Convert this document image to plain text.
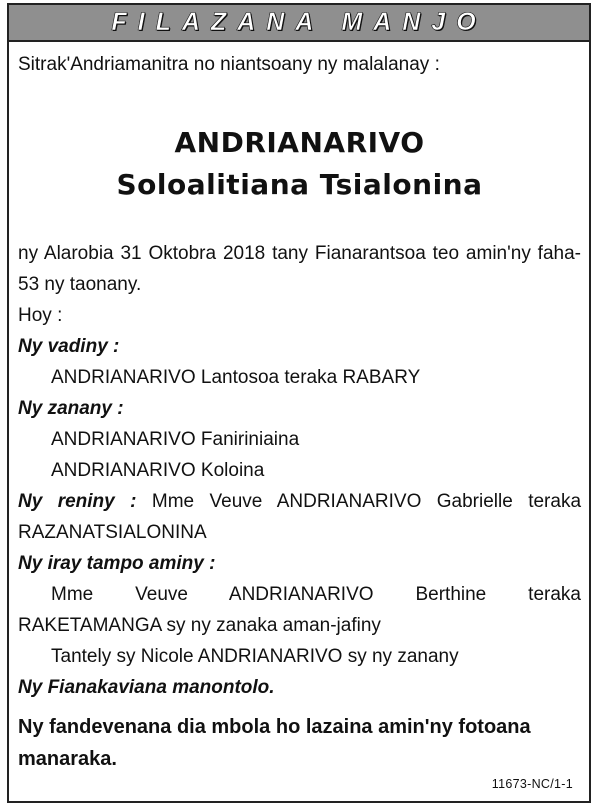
FILAZANA MANJO

Sitrak'Andriamanitra no niantsoany ny malalanay :

ANDRIANARIVO
Soloalitiana Tsialonina

ny Alarobia 31 Oktobra 2018 tany Fianarantsoa teo amin'ny faha-53 ny taonany.

Hoy :

Ny vadiny :

ANDRIANARIVO Lantosoa teraka RABARY

Ny zanany :

ANDRIANARIVO Faniriniaina

ANDRIANARIVO Koloina

Ny reniny : Mme Veuve ANDRIANARIVO Gabrielle teraka RAZANATSIALONINA

Ny iray tampo aminy :

Mme Veuve ANDRIANARIVO Berthine teraka RAKETAMANGA sy ny zanaka aman-jafiny

Tantely sy Nicole ANDRIANARIVO sy ny zanany

Ny Fianakaviana manontolo.

Ny fandevenana dia mbola ho lazaina amin'ny fotoana manaraka.

11673-NC/1-1
